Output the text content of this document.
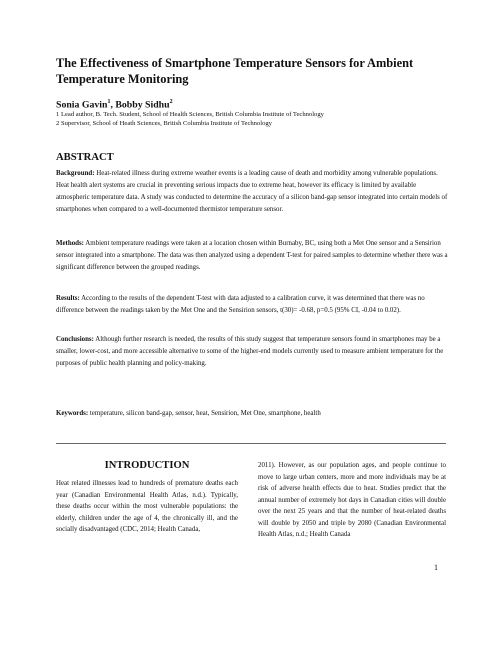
The Effectiveness of Smartphone Temperature Sensors for Ambient Temperature Monitoring
Sonia Gavin$^1$, Bobby Sidhu$^2$
1 Lead author, B. Tech. Student, School of Health Sciences, British Columbia Institute of Technology
2 Supervisor, School of Heath Sciences, British Columbia Institute of Technology
ABSTRACT
Background: Heat-related illness during extreme weather events is a leading cause of death and morbidity among vulnerable populations. Heat health alert systems are crucial in preventing serious impacts due to extreme heat, however its efficacy is limited by available atmospheric temperature data. A study was conducted to determine the accuracy of a silicon band-gap sensor integrated into certain models of smartphones when compared to a well-documented thermistor temperature sensor.
Methods: Ambient temperature readings were taken at a location chosen within Burnaby, BC, using both a Met One sensor and a Sensirion sensor integrated into a smartphone. The data was then analyzed using a dependent T-test for paired samples to determine whether there was a significant difference between the grouped readings.
Results: According to the results of the dependent T-test with data adjusted to a calibration curve, it was determined that there was no difference between the readings taken by the Met One and the Sensirion sensors, t(30)= -0.68, p=0.5 (95% CI, -0.04 to 0.02).
Conclusions: Although further research is needed, the results of this study suggest that temperature sensors found in smartphones may be a smaller, lower-cost, and more accessible alternative to some of the higher-end models currently used to measure ambient temperature for the purposes of public health planning and policy-making.
Keywords: temperature, silicon band-gap, sensor, heat, Sensirion, Met One, smartphone, health
INTRODUCTION
Heat related illnesses lead to hundreds of premature deaths each year (Canadian Environmental Health Atlas, n.d.). Typically, these deaths occur within the most vulnerable populations: the elderly, children under the age of 4, the chronically ill, and the socially disadvantaged (CDC, 2014; Health Canada,
2011). However, as our population ages, and people continue to move to large urban centers, more and more individuals may be at risk of adverse health effects due to heat. Studies predict that the annual number of extremely hot days in Canadian cities will double over the next 25 years and that the number of heat-related deaths will double by 2050 and triple by 2080 (Canadian Environmental Health Atlas, n.d.; Health Canada
1
